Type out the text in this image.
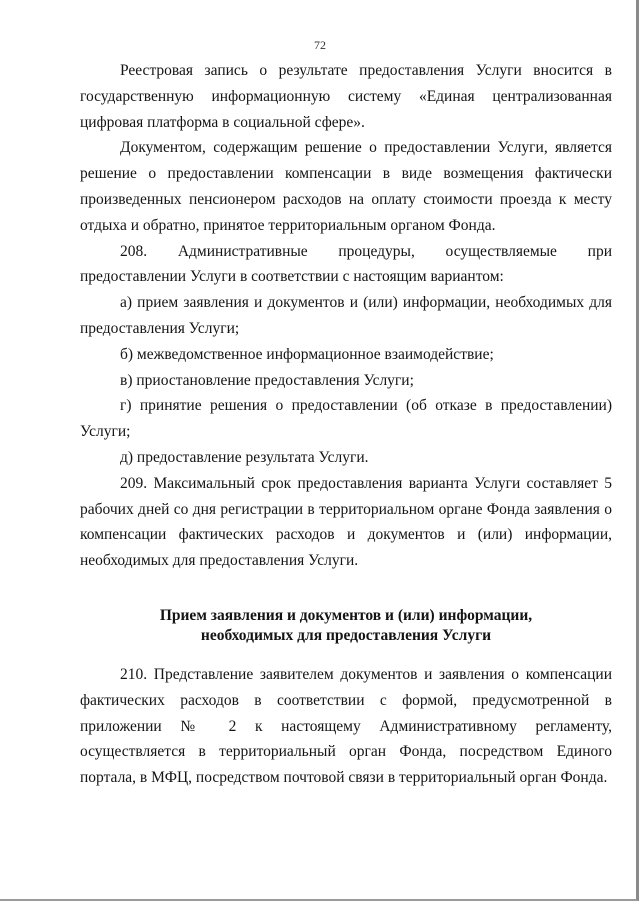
72

Реестровая запись о результате предоставления Услуги вносится в государственную информационную систему «Единая централизованная цифровая платформа в социальной сфере».

Документом, содержащим решение о предоставлении Услуги, является решение о предоставлении компенсации в виде возмещения фактически произведенных пенсионером расходов на оплату стоимости проезда к месту отдыха и обратно, принятое территориальным органом Фонда.

208. Административные процедуры, осуществляемые при предоставлении Услуги в соответствии с настоящим вариантом:

а) прием заявления и документов и (или) информации, необходимых для предоставления Услуги;

б) межведомственное информационное взаимодействие;

в) приостановление предоставления Услуги;

г) принятие решения о предоставлении (об отказе в предоставлении) Услуги;

д) предоставление результата Услуги.

209. Максимальный срок предоставления варианта Услуги составляет 5 рабочих дней со дня регистрации в территориальном органе Фонда заявления о компенсации фактических расходов и документов и (или) информации, необходимых для предоставления Услуги.

Прием заявления и документов и (или) информации,
необходимых для предоставления Услуги

210. Представление заявителем документов и заявления о компенсации фактических расходов в соответствии с формой, предусмотренной в приложении № 2 к настоящему Административному регламенту, осуществляется в территориальный орган Фонда, посредством Единого портала, в МФЦ, посредством почтовой связи в территориальный орган Фонда.
